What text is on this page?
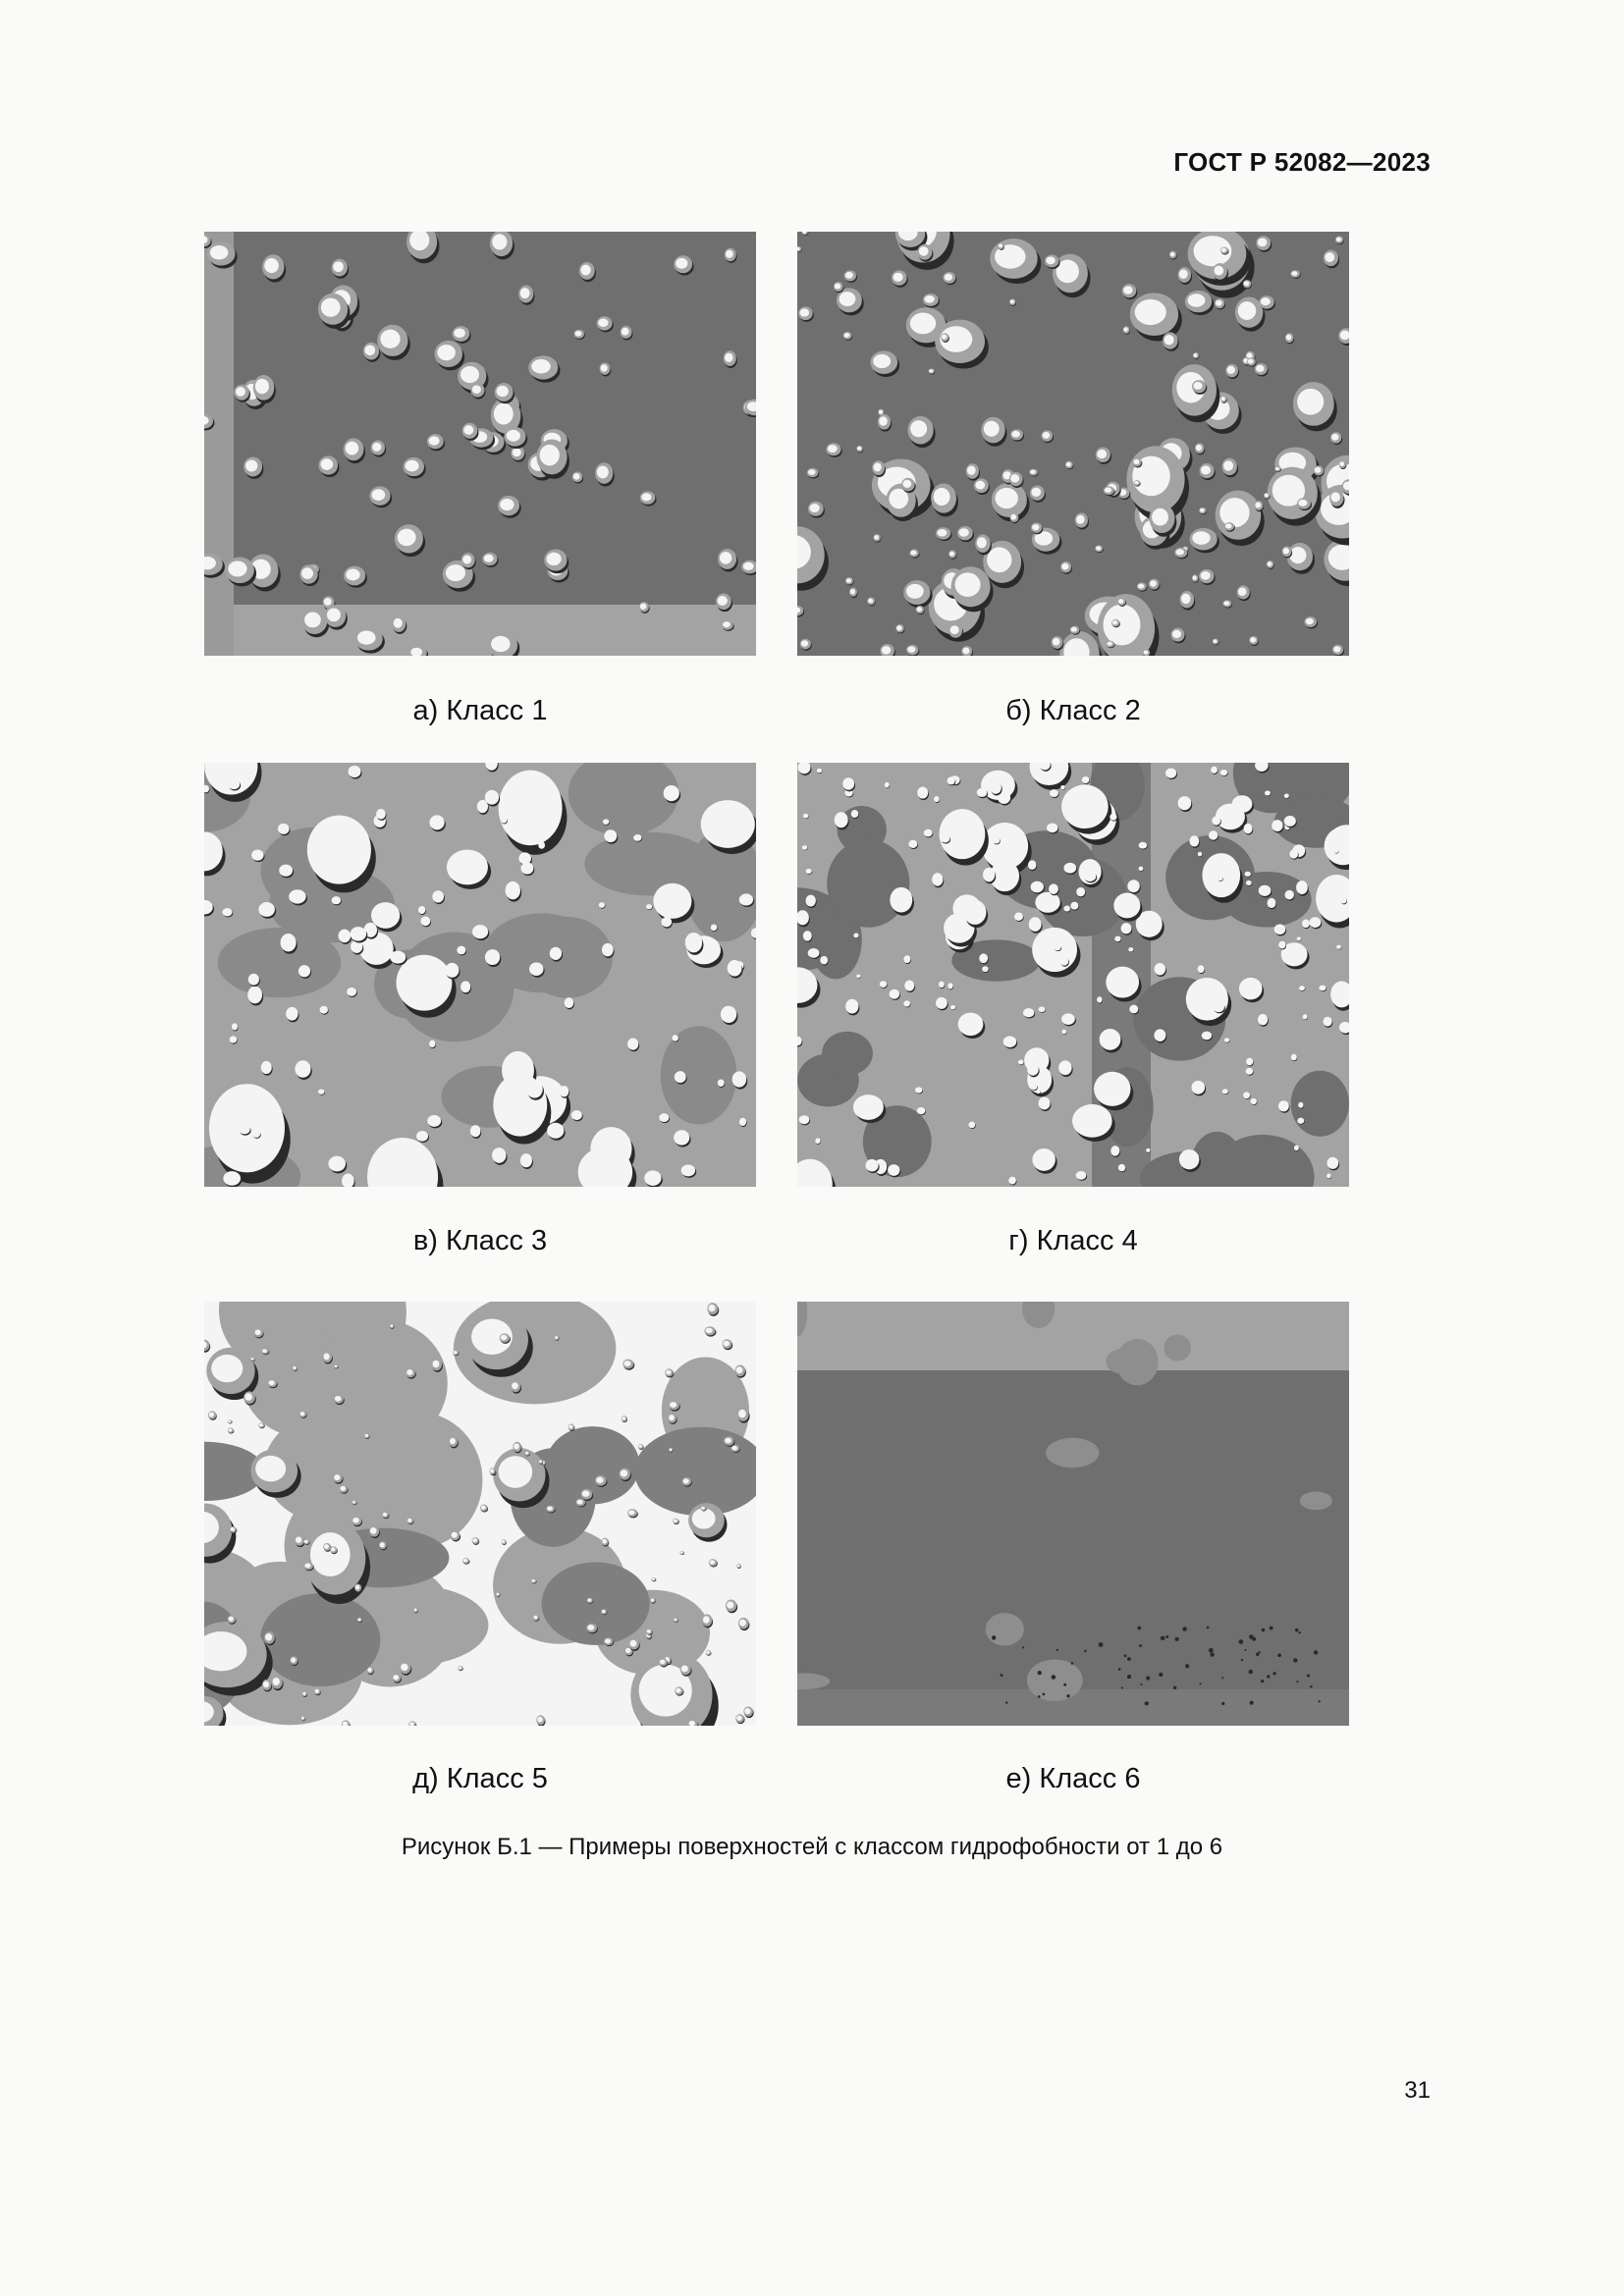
ГОСТ Р 52082—2023
а) Класс 1	б) Класс 2
в) Класс 3	г) Класс 4
д) Класс 5	е) Класс 6
Рисунок Б.1 — Примеры поверхностей с классом гидрофобности от 1 до 6
31
